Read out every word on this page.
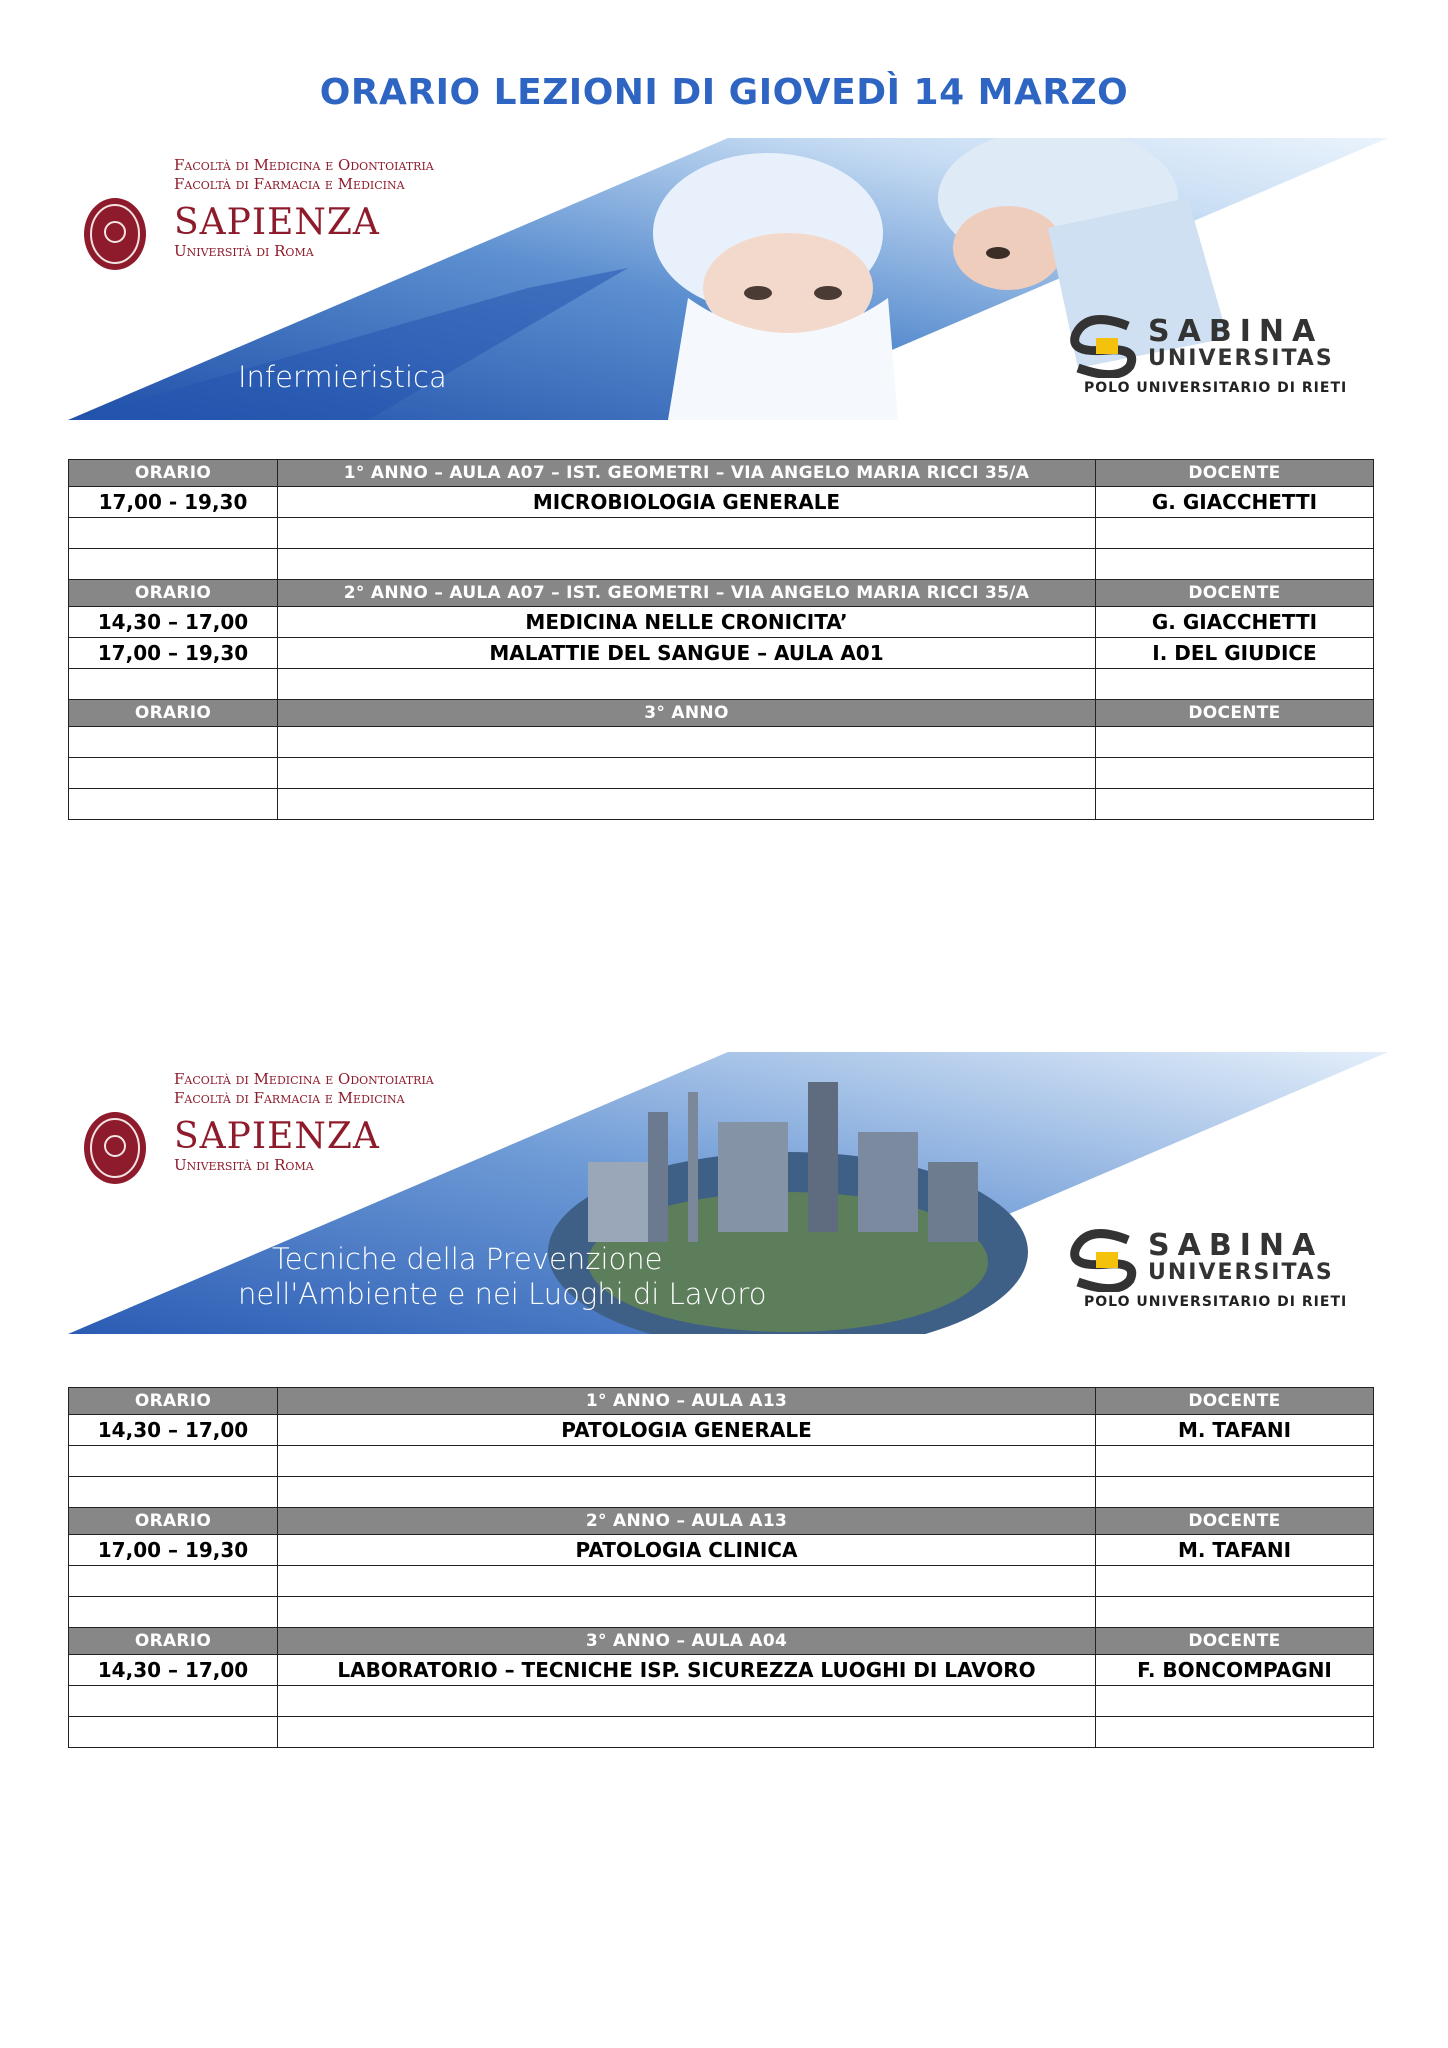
ORARIO LEZIONI DI GIOVEDÌ 14 MARZO
Facoltà di Medicina e Odontoiatria
Facoltà di Farmacia e Medicina
SAPIENZA
Università di Roma
Infermieristica
SABINA
UNIVERSITAS
POLO UNIVERSITARIO DI RIETI
ORARIO	1° ANNO – AULA A07 – IST. GEOMETRI – VIA ANGELO MARIA RICCI 35/A	DOCENTE
17,00 - 19,30	MICROBIOLOGIA GENERALE	G. GIACCHETTI

ORARIO	2° ANNO – AULA A07 – IST. GEOMETRI – VIA ANGELO MARIA RICCI 35/A	DOCENTE
14,30 – 17,00	MEDICINA NELLE CRONICITA’	G. GIACCHETTI
17,00 – 19,30	MALATTIE DEL SANGUE – AULA A01	I. DEL GIUDICE

ORARIO	3° ANNO	DOCENTE

Facoltà di Medicina e Odontoiatria
Facoltà di Farmacia e Medicina
SAPIENZA
Università di Roma
Tecniche della Prevenzione
nell'Ambiente e nei Luoghi di Lavoro
SABINA
UNIVERSITAS
POLO UNIVERSITARIO DI RIETI
ORARIO	1° ANNO – AULA A13	DOCENTE
14,30 – 17,00	PATOLOGIA GENERALE	M. TAFANI

ORARIO	2° ANNO – AULA A13	DOCENTE
17,00 – 19,30	PATOLOGIA CLINICA	M. TAFANI

ORARIO	3° ANNO – AULA A04	DOCENTE
14,30 – 17,00	LABORATORIO – TECNICHE ISP. SICUREZZA LUOGHI DI LAVORO	F. BONCOMPAGNI
